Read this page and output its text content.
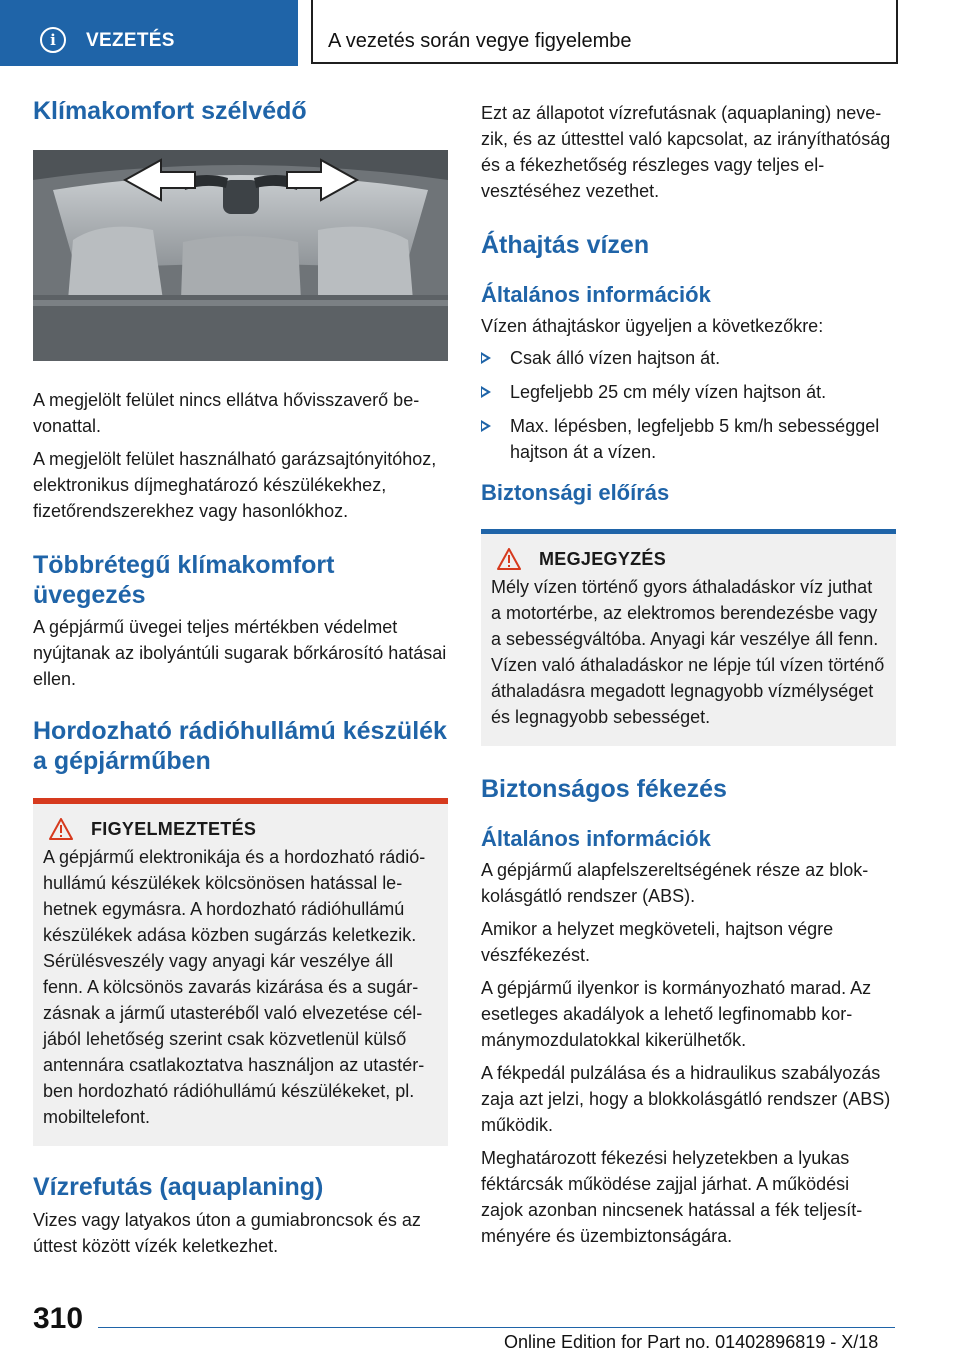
i	VEZETÉS	A vezetés során vegye figyelembe
Klímakomfort szélvédő

A megjelölt felület nincs ellátva hővisszaverő bevonattal.

A megjelölt felület használható garázsajtónyitóhoz, elektronikus díjmeghatározó készülékekhez, fizetőrendszerekhez vagy hasonlókhoz.

Többrétegű klímakomfort üvegezés

A gépjármű üvegei teljes mértékben védelmet nyújtanak az ibolyántúli sugarak bőrkárosító hatásai ellen.

Hordozható rádióhullámú készülék a gépjárműben
FIGYELMEZTETÉS

A gépjármű elektronikája és a hordozható rádióhullámú készülékek kölcsönösen hatással lehetnek egymásra. A hordozható rádióhullámú készülékek adása közben sugárzás keletkezik. Sérülésveszély vagy anyagi kár veszélye áll fenn. A kölcsönös zavarás kizárása és a sugárzásnak a jármű utasteréből való elvezetése céljából lehetőség szerint csak közvetlenül külső antennára csatlakoztatva használjon az utastérben hordozható rádióhullámú készülékeket, pl. mobiltelefont.

Vízrefutás (aquaplaning)

Vizes vagy latyakos úton a gumiabroncsok és az úttest között vízék keletkezhet.

Ezt az állapotot vízrefutásnak (aquaplaning) nevezik, és az úttesttel való kapcsolat, az irányíthatóság és a fékezhetőség részleges vagy teljes elvesztéséhez vezethet.

Áthajtás vízen
Általános információk

Vízen áthajtáskor ügyeljen a következőkre:

Csak álló vízen hajtson át.
Legfeljebb 25 cm mély vízen hajtson át.
Max. lépésben, legfeljebb 5 km/h sebességgel hajtson át a vízen.
Biztonsági előírás
MEGJEGYZÉS

Mély vízen történő gyors áthaladáskor víz juthat a motortérbe, az elektromos berendezésbe vagy a sebességváltóba. Anyagi kár veszélye áll fenn. Vízen való áthaladáskor ne lépje túl vízen történő áthaladásra megadott legnagyobb vízmélységet és legnagyobb sebességet.

Biztonságos fékezés
Általános információk

A gépjármű alapfelszereltségének része az blokkolásgátló rendszer (ABS).

Amikor a helyzet megköveteli, hajtson végre vészfékezést.

A gépjármű ilyenkor is kormányozható marad. Az esetleges akadályok a lehető legfinomabb kormánymozdulatokkal kikerülhetők.

A fékpedál pulzálása és a hidraulikus szabályozás zaja azt jelzi, hogy a blokkolásgátló rendszer (ABS) működik.

Meghatározott fékezési helyzetekben a lyukas féktárcsák működése zajjal járhat. A működési zajok azonban nincsenek hatással a fék teljesítményére és üzembiztonságára.

310
Online Edition for Part no. 01402896819 - X/18
